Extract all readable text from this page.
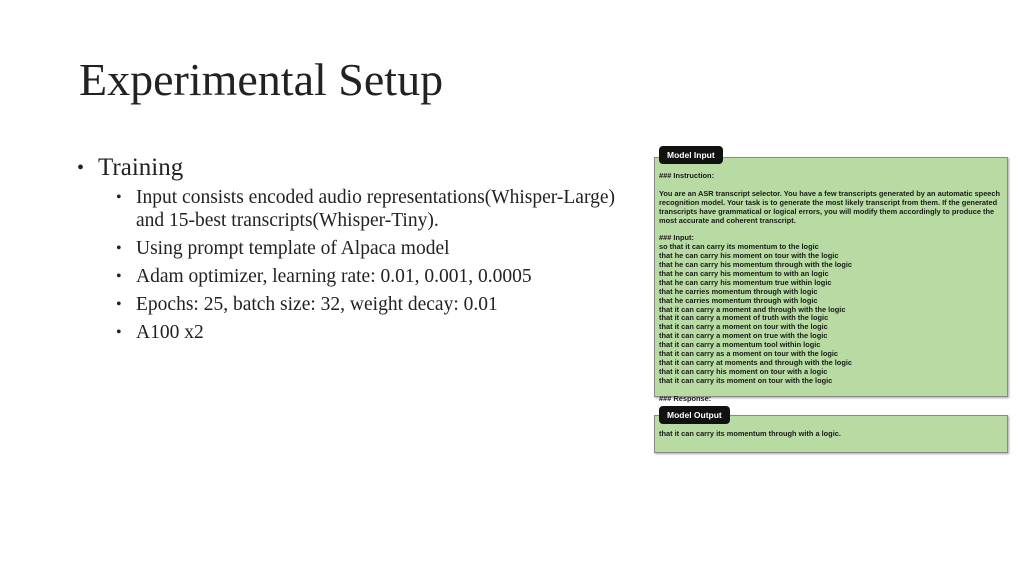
Experimental Setup
• Training
• Input consists encoded audio representations(Whisper-Large) and 15-best transcripts(Whisper-Tiny).
• Using prompt template of Alpaca model
• Adam optimizer, learning rate: 0.01, 0.001, 0.0005
• Epochs: 25, batch size: 32, weight decay: 0.01
• A100 x2
Model Input
### Instruction:
You are an ASR transcript selector. You have a few transcripts generated by an automatic speech recognition model. Your task is to generate the most likely transcript from them. If the generated transcripts have grammatical or logical errors, you will modify them accordingly to produce the most accurate and coherent transcript.
### Input:
so that it can carry its momentum to the logic
that he can carry his moment on tour with the logic
that he can carry his momentum through with the logic
that he can carry his momentum to with an logic
that he can carry his momentum true within logic
that he carries momentum through with logic
that he carries momentum through with logic
that it can carry a moment and through with the logic
that it can carry a moment of truth with the logic
that it can carry a moment on tour with the logic
that it can carry a moment on true with the logic
that it can carry a momentum tool within logic
that it can carry as a moment on tour with the logic
that it can carry at moments and through with the logic
that it can carry his moment on tour with a logic
that it can carry its moment on tour with the logic
### Response:
Model Output
that it can carry its momentum through with a logic.
